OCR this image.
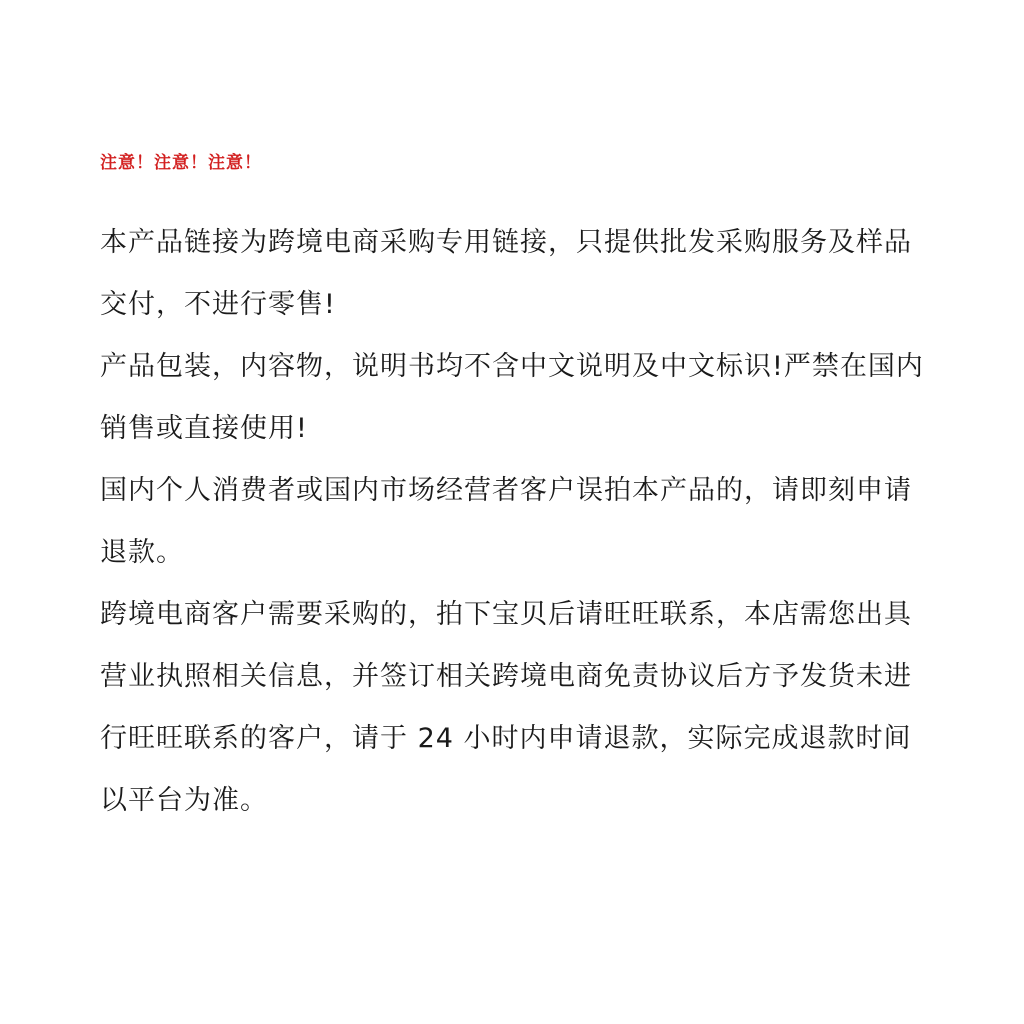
注意！注意！注意！

本产品链接为跨境电商采购专用链接，只提供批发采购服务及样品交付，不进行零售!

产品包装，内容物，说明书均不含中文说明及中文标识!严禁在国内销售或直接使用!

国内个人消费者或国内市场经营者客户误拍本产品的，请即刻申请退款。

跨境电商客户需要采购的，拍下宝贝后请旺旺联系，本店需您出具营业执照相关信息，并签订相关跨境电商免责协议后方予发货未进行旺旺联系的客户，请于 24 小时内申请退款，实际完成退款时间以平台为准。
